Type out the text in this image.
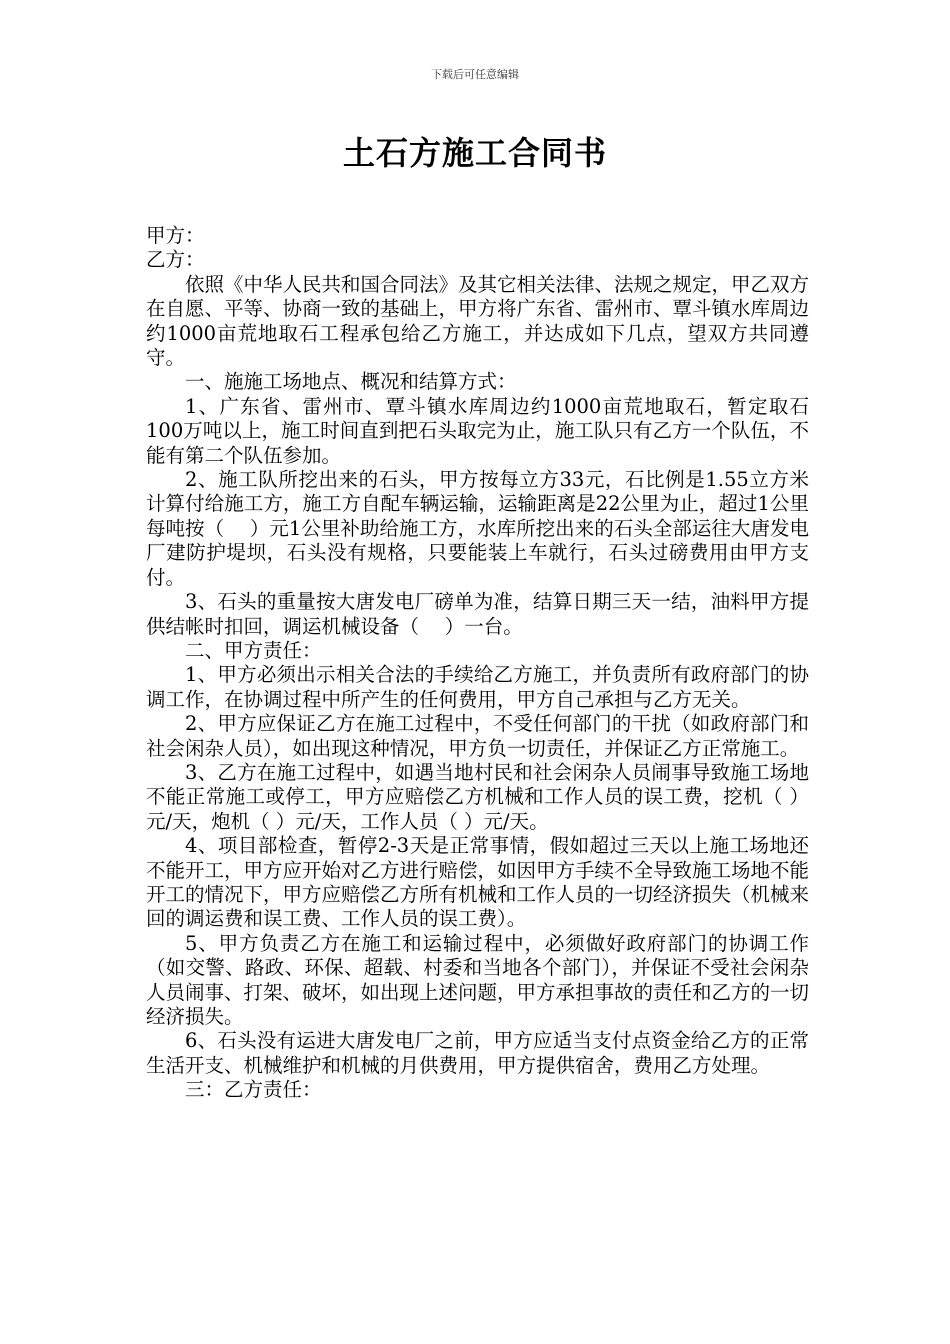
下载后可任意编辑
土石方施工合同书

甲方：

乙方：

依照《中华人民共和国合同法》及其它相关法律、法规之规定，甲乙双方在自愿、平等、协商一致的基础上，甲方将广东省、雷州市、覃斗镇水库周边约1000亩荒地取石工程承包给乙方施工，并达成如下几点，望双方共同遵守。

一、施施工场地点、概况和结算方式：

1、广东省、雷州市、覃斗镇水库周边约1000亩荒地取石，暂定取石100万吨以上，施工时间直到把石头取完为止，施工队只有乙方一个队伍，不能有第二个队伍参加。

2、施工队所挖出来的石头，甲方按每立方33元，石比例是1.55立方米计算付给施工方，施工方自配车辆运输，运输距离是22公里为止，超过1公里每吨按（　 ）元1公里补助给施工方，水库所挖出来的石头全部运往大唐发电厂建防护堤坝，石头没有规格，只要能装上车就行，石头过磅费用由甲方支付。

3、石头的重量按大唐发电厂磅单为准，结算日期三天一结，油料甲方提供结帐时扣回，调运机械设备（　 ）一台。

二、甲方责任：

1、甲方必须出示相关合法的手续给乙方施工，并负责所有政府部门的协调工作，在协调过程中所产生的任何费用，甲方自己承担与乙方无关。

2、甲方应保证乙方在施工过程中，不受任何部门的干扰（如政府部门和社会闲杂人员），如出现这种情况，甲方负一切责任，并保证乙方正常施工。

3、乙方在施工过程中，如遇当地村民和社会闲杂人员闹事导致施工场地不能正常施工或停工，甲方应赔偿乙方机械和工作人员的误工费，挖机（ ）元/天，炮机（ ）元/天，工作人员（ ）元/天。

4、项目部检查，暂停2-3天是正常事情，假如超过三天以上施工场地还不能开工，甲方应开始对乙方进行赔偿，如因甲方手续不全导致施工场地不能开工的情况下，甲方应赔偿乙方所有机械和工作人员的一切经济损失（机械来回的调运费和误工费、工作人员的误工费）。

5、甲方负责乙方在施工和运输过程中，必须做好政府部门的协调工作（如交警、路政、环保、超载、村委和当地各个部门），并保证不受社会闲杂人员闹事、打架、破坏，如出现上述问题，甲方承担事故的责任和乙方的一切经济损失。

6、石头没有运进大唐发电厂之前，甲方应适当支付点资金给乙方的正常生活开支、机械维护和机械的月供费用，甲方提供宿舍，费用乙方处理。

三：乙方责任：
